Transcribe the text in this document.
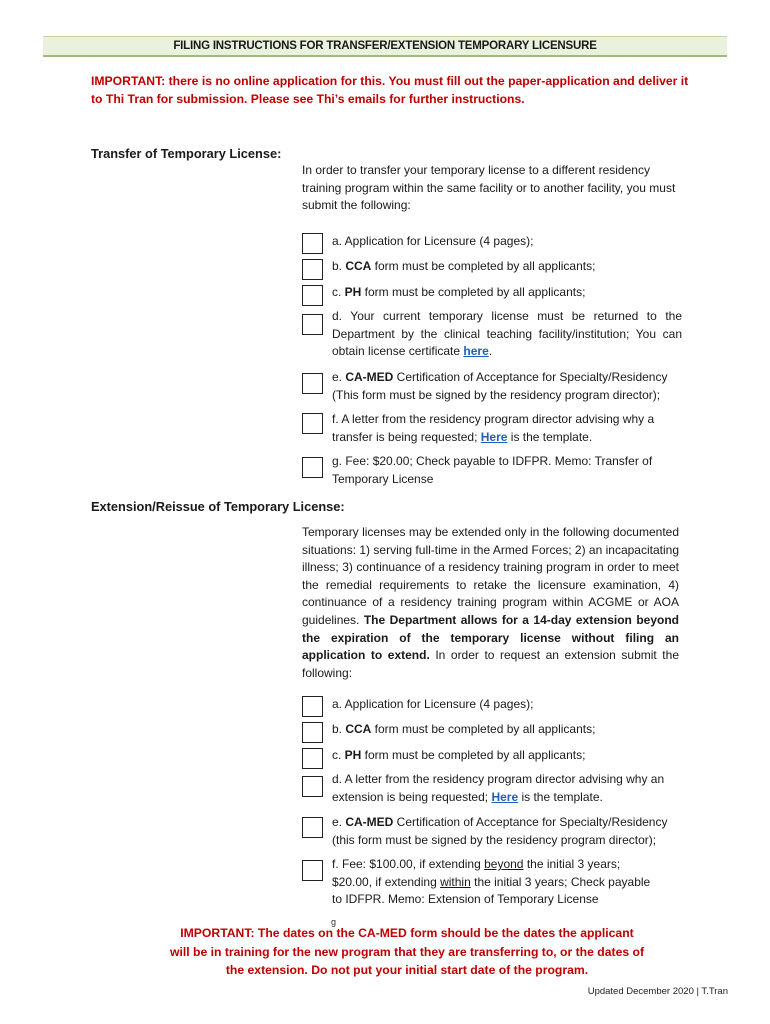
FILING INSTRUCTIONS FOR TRANSFER/EXTENSION TEMPORARY LICENSURE
IMPORTANT: there is no online application for this. You must fill out the paper-application and deliver it to Thi Tran for submission. Please see Thi’s emails for further instructions.
Transfer of Temporary License:
In order to transfer your temporary license to a different residency training program within the same facility or to another facility, you must submit the following:
a. Application for Licensure (4 pages);
b. CCA form must be completed by all applicants;
c. PH form must be completed by all applicants;
d. Your current temporary license must be returned to the Department by the clinical teaching facility/institution; You can obtain license certificate here.
e. CA-MED Certification of Acceptance for Specialty/Residency (This form must be signed by the residency program director);
f. A letter from the residency program director advising why a transfer is being requested; Here is the template.
g. Fee: $20.00; Check payable to IDFPR. Memo: Transfer of Temporary License
Extension/Reissue of Temporary License:
Temporary licenses may be extended only in the following documented situations: 1) serving full-time in the Armed Forces; 2) an incapacitating illness; 3) continuance of a residency training program in order to meet the remedial requirements to retake the licensure examination, 4) continuance of a residency training program within ACGME or AOA guidelines. The Department allows for a 14-day extension beyond the expiration of the temporary license without filing an application to extend. In order to request an extension submit the following:
a. Application for Licensure (4 pages);
b. CCA form must be completed by all applicants;
c. PH form must be completed by all applicants;
d. A letter from the residency program director advising why an extension is being requested; Here is the template.
e. CA-MED Certification of Acceptance for Specialty/Residency (this form must be signed by the residency program director);
f. Fee: $100.00, if extending beyond the initial 3 years; $20.00, if extending within the initial 3 years; Check payable to IDFPR. Memo: Extension of Temporary License
g
IMPORTANT: The dates on the CA-MED form should be the dates the applicant will be in training for the new program that they are transferring to, or the dates of the extension. Do not put your initial start date of the program.
Updated December 2020 | T.Tran
